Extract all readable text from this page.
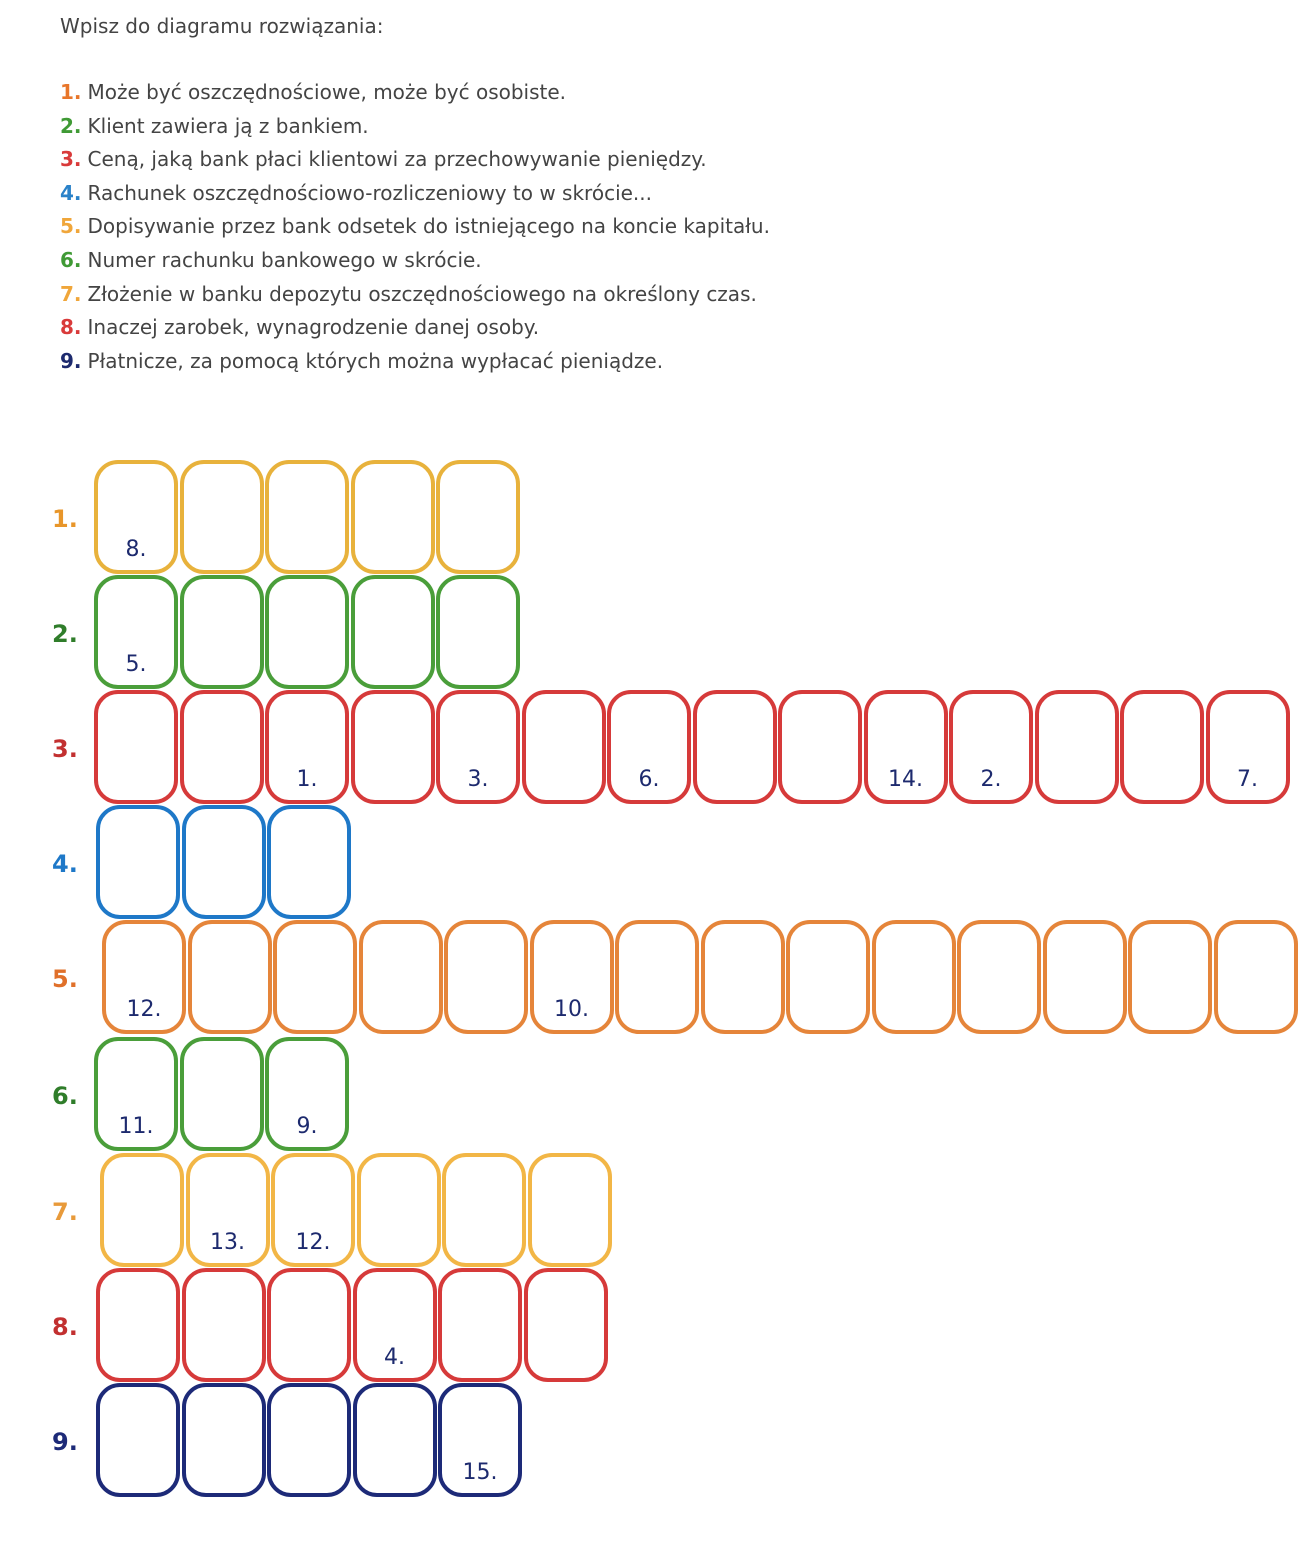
Wpisz do diagramu rozwiązania:
1. Może być oszczędnościowe, może być osobiste.
2. Klient zawiera ją z bankiem.
3. Ceną, jaką bank płaci klientowi za przechowywanie pieniędzy.
4. Rachunek oszczędnościowo-rozliczeniowy to w skrócie...
5. Dopisywanie przez bank odsetek do istniejącego na koncie kapitału.
6. Numer rachunku bankowego w skrócie.
7. Złożenie w banku depozytu oszczędnościowego na określony czas.
8. Inaczej zarobek, wynagrodzenie danej osoby.
9. Płatnicze, za pomocą których można wypłacać pieniądze.
1.
8.
2.
5.
3.
1.	3.	6.	14.	2.	7.
4.
5.
12.	10.
6.
11.	9.
7.
13.	12.
8.
4.
9.
15.
